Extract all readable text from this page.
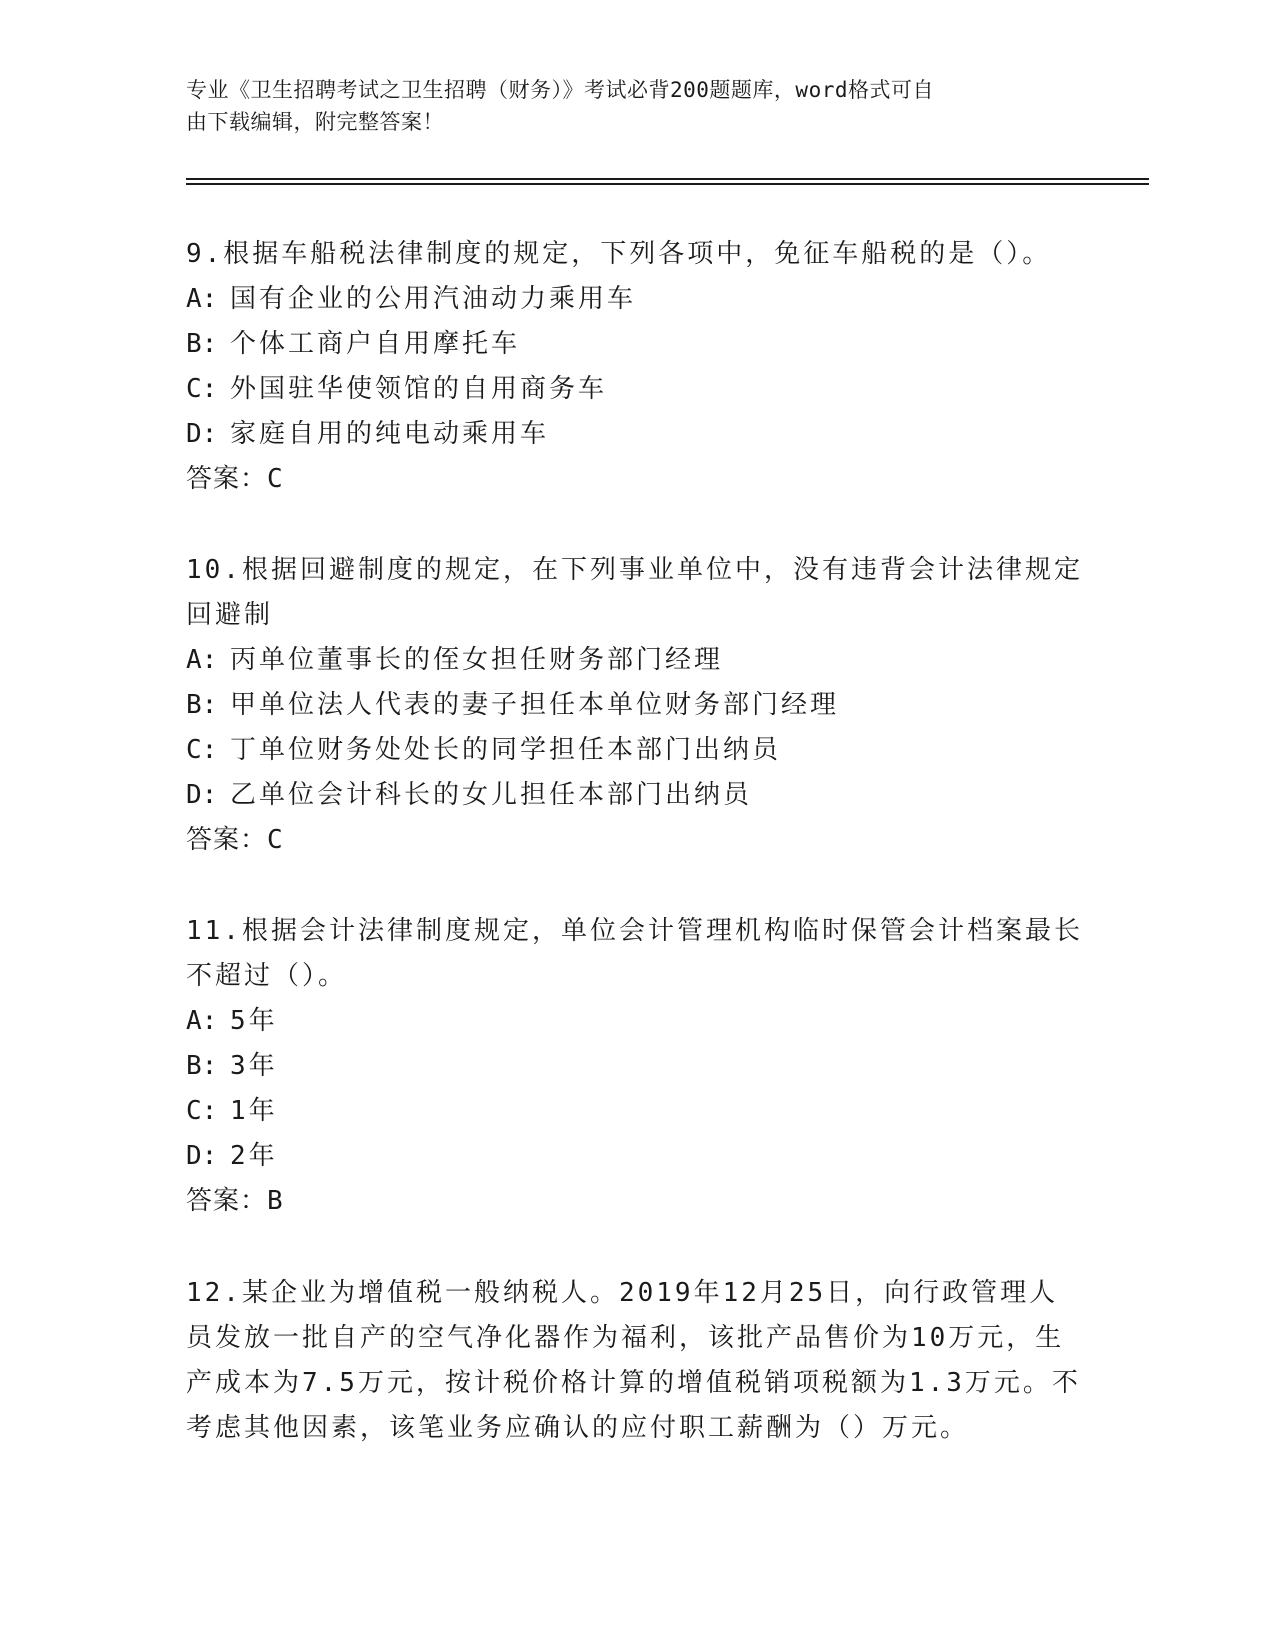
专业《卫生招聘考试之卫生招聘（财务）》考试必背200题题库，word格式可自
由下载编辑，附完整答案！
9.根据车船税法律制度的规定，下列各项中，免征车船税的是（）。
A: 国有企业的公用汽油动力乘用车
B: 个体工商户自用摩托车
C: 外国驻华使领馆的自用商务车
D: 家庭自用的纯电动乘用车
答案：C
10.根据回避制度的规定，在下列事业单位中，没有违背会计法律规定回避制
A: 丙单位董事长的侄女担任财务部门经理
B: 甲单位法人代表的妻子担任本单位财务部门经理
C: 丁单位财务处处长的同学担任本部门出纳员
D: 乙单位会计科长的女儿担任本部门出纳员
答案：C
11.根据会计法律制度规定，单位会计管理机构临时保管会计档案最长不超过（）。
A: 5年
B: 3年
C: 1年
D: 2年
答案：B
12.某企业为增值税一般纳税人。2019年12月25日，向行政管理人员发放一批自产的空气净化器作为福利，该批产品售价为10万元，生产成本为7.5万元，按计税价格计算的增值税销项税额为1.3万元。不考虑其他因素，该笔业务应确认的应付职工薪酬为（）万元。
